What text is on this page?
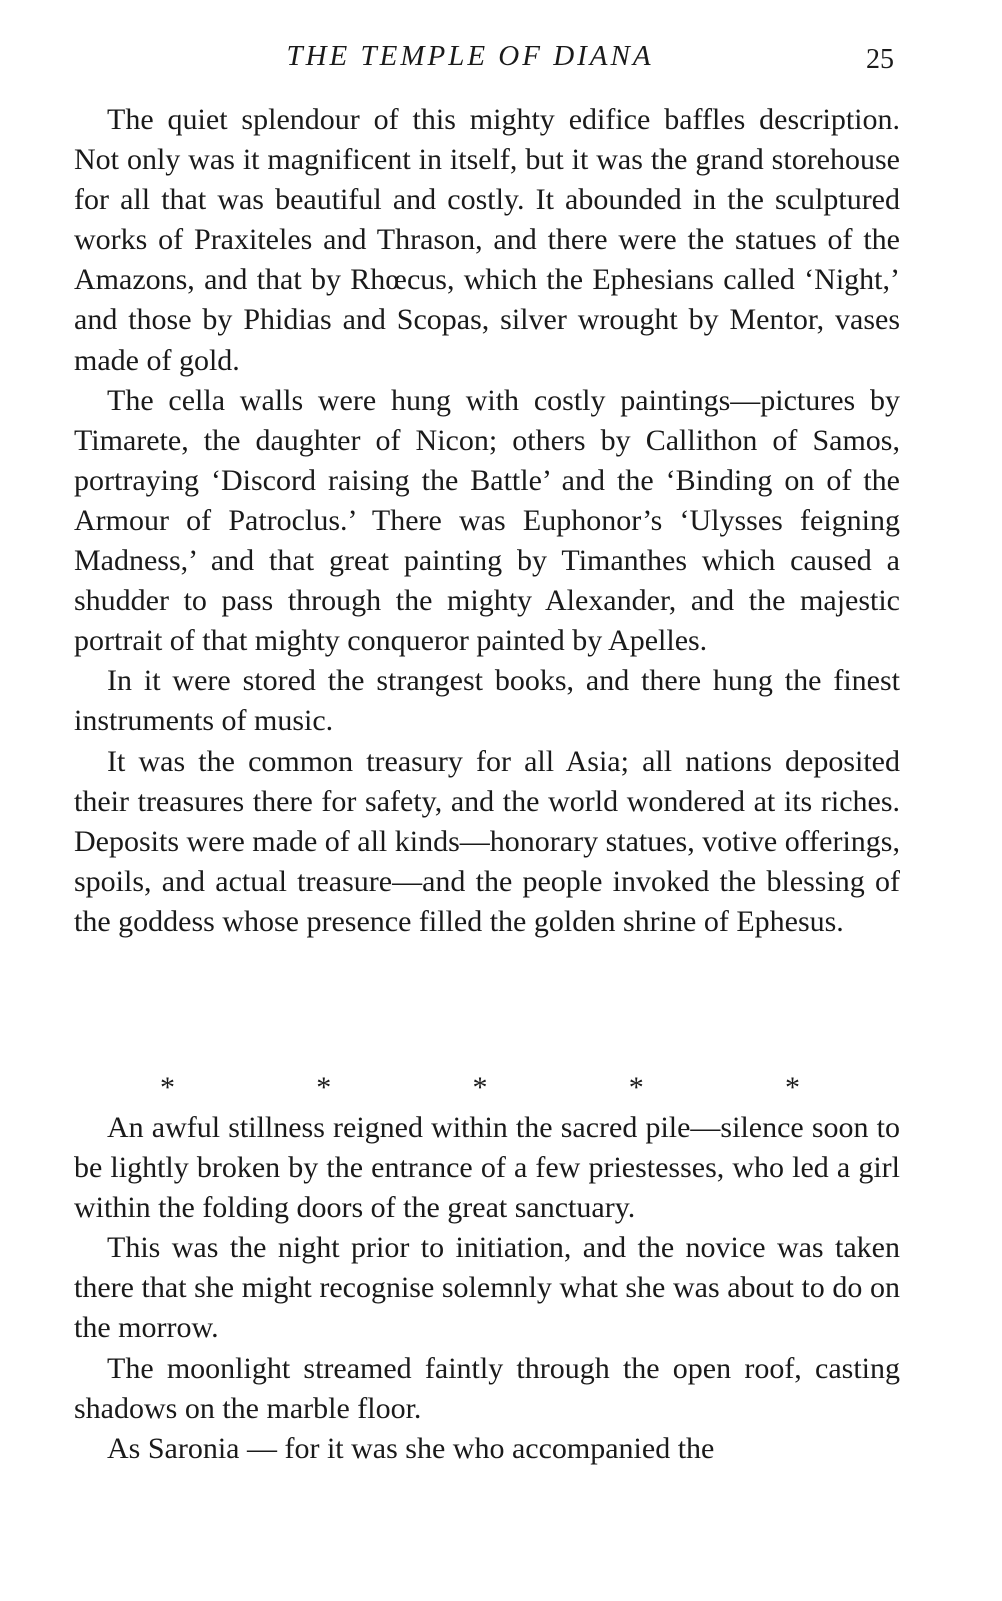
THE TEMPLE OF DIANA	25

The quiet splendour of this mighty edifice baffles description. Not only was it magnificent in itself, but it was the grand storehouse for all that was beautiful and costly. It abounded in the sculptured works of Praxiteles and Thrason, and there were the statues of the Amazons, and that by Rhœcus, which the Ephesians called ‘Night,’ and those by Phidias and Scopas, silver wrought by Mentor, vases made of gold.

The cella walls were hung with costly paintings—pictures by Timarete, the daughter of Nicon; others by Callithon of Samos, portraying ‘Discord raising the Battle’ and the ‘Binding on of the Armour of Patroclus.’ There was Euphonor’s ‘Ulysses feigning Madness,’ and that great painting by Timanthes which caused a shudder to pass through the mighty Alexander, and the majestic portrait of that mighty conqueror painted by Apelles.

In it were stored the strangest books, and there hung the finest instruments of music.

It was the common treasury for all Asia; all nations deposited their treasures there for safety, and the world wondered at its riches. Deposits were made of all kinds—honorary statues, votive offerings, spoils, and actual treasure—and the people invoked the blessing of the goddess whose presence filled the golden shrine of Ephesus.

*	*	*	*	*

An awful stillness reigned within the sacred pile—silence soon to be lightly broken by the entrance of a few priestesses, who led a girl within the folding doors of the great sanctuary.

This was the night prior to initiation, and the novice was taken there that she might recognise solemnly what she was about to do on the morrow.

The moonlight streamed faintly through the open roof, casting shadows on the marble floor.

As Saronia — for it was she who accompanied the
